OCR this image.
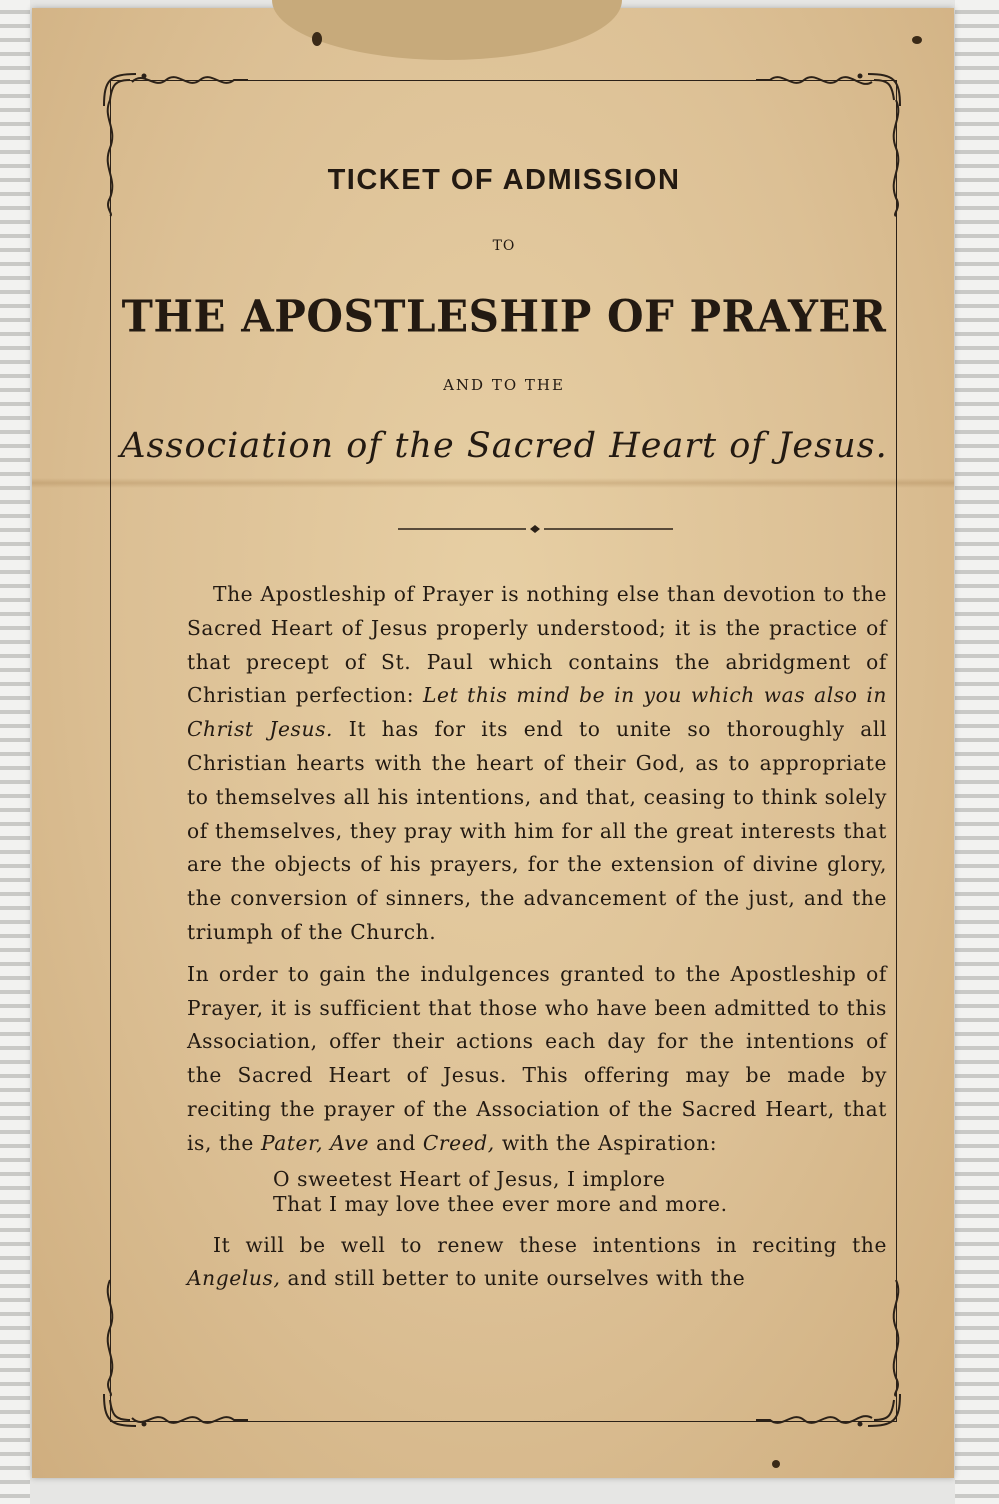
TICKET OF ADMISSION
TO
THE APOSTLESHIP OF PRAYER
AND TO THE
Association of the Sacred Heart of Jesus.

The Apostleship of Prayer is nothing else than devotion to the Sacred Heart of Jesus properly understood; it is the practice of that precept of St. Paul which contains the abridgment of Christian perfection: Let this mind be in you which was also in Christ Jesus. It has for its end to unite so thoroughly all Christian hearts with the heart of their God, as to appropriate to themselves all his intentions, and that, ceasing to think solely of themselves, they pray with him for all the great interests that are the objects of his prayers, for the extension of divine glory, the conversion of sinners, the advancement of the just, and the triumph of the Church.

In order to gain the indulgences granted to the Apostleship of Prayer, it is sufficient that those who have been admitted to this Association, offer their actions each day for the intentions of the Sacred Heart of Jesus. This offering may be made by reciting the prayer of the Association of the Sacred Heart, that is, the Pater, Ave and Creed, with the Aspiration:

O sweetest Heart of Jesus, I implore
That I may love thee ever more and more.

It will be well to renew these intentions in reciting the Angelus, and still better to unite ourselves with the
